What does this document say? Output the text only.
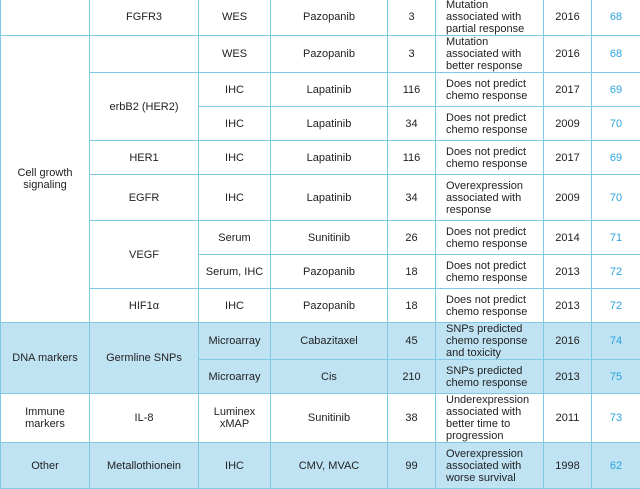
	FGFR3	WES	Pazopanib	3	Mutation associated with partial response	2016	68
Cell growth signaling		WES	Pazopanib	3	Mutation associated with better response	2016	68
	erbB2 (HER2)	IHC	Lapatinib	116	Does not predict chemo response	2017	69
		IHC	Lapatinib	34	Does not predict chemo response	2009	70
	HER1	IHC	Lapatinib	116	Does not predict chemo response	2017	69
	EGFR	IHC	Lapatinib	34	Overexpression associated with response	2009	70
	VEGF	Serum	Sunitinib	26	Does not predict chemo response	2014	71
		Serum, IHC	Pazopanib	18	Does not predict chemo response	2013	72
	HIF1α	IHC	Pazopanib	18	Does not predict chemo response	2013	72
DNA markers	Germline SNPs	Microarray	Cabazitaxel	45	SNPs predicted chemo response and toxicity	2016	74
		Microarray	Cis	210	SNPs predicted chemo response	2013	75
Immune markers	IL-8	Luminex xMAP	Sunitinib	38	Underexpression associated with better time to progression	2011	73
Other	Metallothionein	IHC	CMV, MVAC	99	Overexpression associated with worse survival	1998	62
